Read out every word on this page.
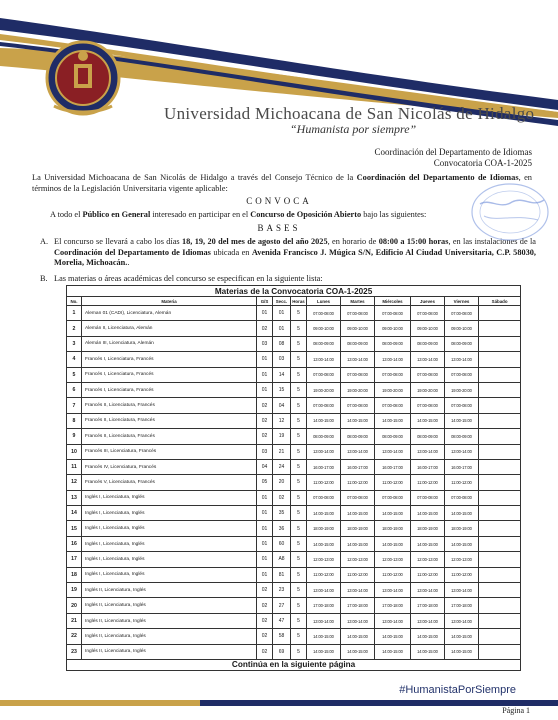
Universidad Michoacana de San Nicolás de Hidalgo
“Humanista por siempre”
Coordinación del Departamento de Idiomas
Convocatoria COA-1-2025
La Universidad Michoacana de San Nicolás de Hidalgo a través del Consejo Técnico de la Coordinación del Departamento de Idiomas, en términos de la Legislación Universitaria vigente aplicable:
CONVOCA
A todo el Público en General interesado en participar en el Concurso de Oposición Abierto bajo las siguientes:
BASES
A. El concurso se llevará a cabo los días 18, 19, 20 del mes de agosto del año 2025, en horario de 08:00 a 15:00 horas, en las instalaciones de la Coordinación del Departamento de Idiomas ubicada en Avenida Francisco J. Múgica S/N, Edificio Al Ciudad Universitaria, C.P. 58030, Morelia, Michoacán..
B. Las materias o áreas académicas del concurso se especifican en la siguiente lista:
Materias de la Convocatoria COA-1-2025										
No.	Materia	G/S	Secc.	Horas	Lunes	Martes	Miércoles	Jueves	Viernes	Sábado
1	Aleman 01 (CADI), Licenciatura, Alemán	01	01	5	07:00-08:00	07:00-08:00	07:00-08:00	07:00-08:00	07:00-08:00	
2	Alemán II, Licenciatura, Alemán	02	01	5	09:00-10:00	09:00-10:00	09:00-10:00	09:00-10:00	09:00-10:00	
3	Alemán III, Licenciatura, Alemán	03	08	5	08:00-09:00	08:00-09:00	08:00-09:00	08:00-09:00	08:00-09:00	
4	Francés I, Licenciatura, Francés	01	03	5	13:00-14:00	13:00-14:00	13:00-14:00	13:00-14:00	13:00-14:00	
5	Francés I, Licenciatura, Francés	01	14	5	07:00-08:00	07:00-08:00	07:00-08:00	07:00-08:00	07:00-08:00	
6	Francés I, Licenciatura, Francés	01	15	5	19:00-20:00	19:00-20:00	19:00-20:00	19:00-20:00	19:00-20:00	
7	Francés II, Licenciatura, Francés	02	04	5	07:00-08:00	07:00-08:00	07:00-08:00	07:00-08:00	07:00-08:00	
8	Francés II, Licenciatura, Francés	02	12	5	14:00-15:00	14:00-15:00	14:00-15:00	14:00-15:00	14:00-15:00	
9	Francés II, Licenciatura, Francés	02	19	5	08:00-09:00	08:00-09:00	08:00-09:00	08:00-09:00	08:00-09:00	
10	Francés III, Licenciatura, Francés	03	21	5	13:00-14:00	13:00-14:00	13:00-14:00	13:00-14:00	13:00-14:00	
11	Francés IV, Licenciatura, Francés	04	24	5	16:00-17:00	16:00-17:00	16:00-17:00	16:00-17:00	16:00-17:00	
12	Francés V, Licenciatura, Francés	05	20	5	11:00-12:00	11:00-12:00	11:00-12:00	11:00-12:00	11:00-12:00	
13	Inglés I, Licenciatura, Inglés	01	02	5	07:00-08:00	07:00-08:00	07:00-08:00	07:00-08:00	07:00-08:00	
14	Inglés I, Licenciatura, Inglés	01	35	5	14:00-15:00	14:00-15:00	14:00-15:00	14:00-15:00	14:00-15:00	
15	Inglés I, Licenciatura, Inglés	01	36	5	18:00-19:00	18:00-19:00	18:00-19:00	18:00-19:00	18:00-19:00	
16	Inglés I, Licenciatura, Inglés	01	60	5	14:00-15:00	14:00-15:00	14:00-15:00	14:00-15:00	14:00-15:00	
17	Inglés I, Licenciatura, Inglés	01	A8	5	12:00-13:00	12:00-13:00	12:00-13:00	12:00-13:00	12:00-13:00	
18	Inglés I, Licenciatura, Inglés	01	81	5	11:00-12:00	11:00-12:00	11:00-12:00	11:00-12:00	11:00-12:00	
19	Inglés II, Licenciatura, Inglés	02	23	5	13:00-14:00	13:00-14:00	13:00-14:00	13:00-14:00	13:00-14:00	
20	Inglés II, Licenciatura, Inglés	02	27	5	17:00-18:00	17:00-18:00	17:00-18:00	17:00-18:00	17:00-18:00	
21	Inglés II, Licenciatura, Inglés	02	47	5	13:00-14:00	13:00-14:00	13:00-14:00	13:00-14:00	13:00-14:00	
22	Inglés II, Licenciatura, Inglés	02	58	5	14:00-15:00	14:00-15:00	14:00-15:00	14:00-15:00	14:00-15:00	
23	Inglés II, Licenciatura, Inglés	02	69	5	14:00-15:00	14:00-15:00	14:00-15:00	14:00-15:00	14:00-15:00	
Continúa en la siguiente página										
#HumanistaPorSiempre
Página 1
